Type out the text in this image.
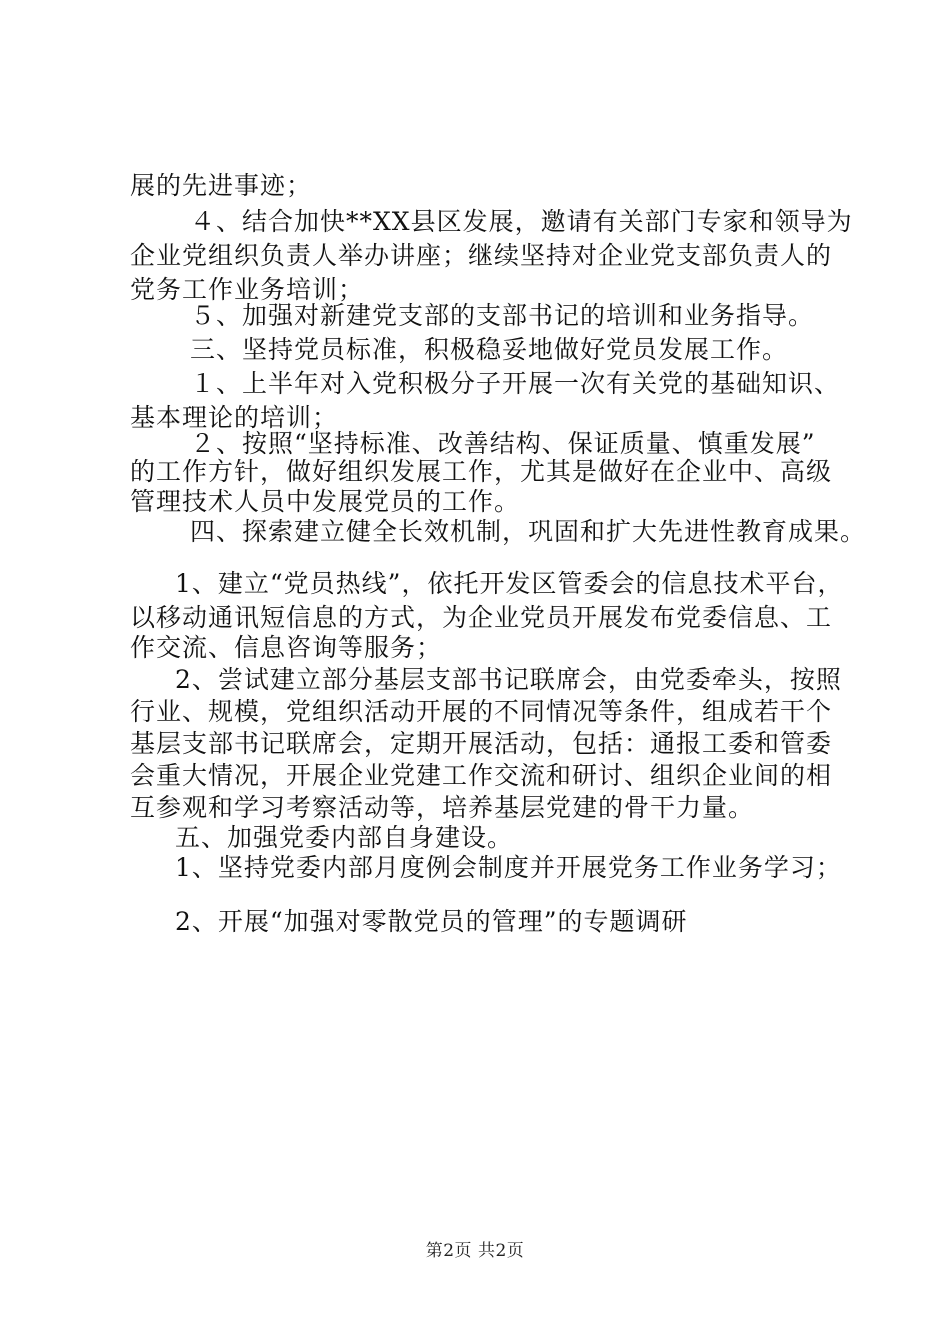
展的先进事迹；
４、结合加快**XX县区发展，邀请有关部门专家和领导为
企业党组织负责人举办讲座；继续坚持对企业党支部负责人的
党务工作业务培训；
５、加强对新建党支部的支部书记的培训和业务指导。
三、坚持党员标准，积极稳妥地做好党员发展工作。
１、上半年对入党积极分子开展一次有关党的基础知识、
基本理论的培训；
２、按照“坚持标准、改善结构、保证质量、慎重发展”
的工作方针，做好组织发展工作，尤其是做好在企业中、高级
管理技术人员中发展党员的工作。
四、探索建立健全长效机制，巩固和扩大先进性教育成果。
1、建立“党员热线”，依托开发区管委会的信息技术平台，
以移动通讯短信息的方式，为企业党员开展发布党委信息、工
作交流、信息咨询等服务；
2、尝试建立部分基层支部书记联席会，由党委牵头，按照
行业、规模，党组织活动开展的不同情况等条件，组成若干个
基层支部书记联席会，定期开展活动，包括：通报工委和管委
会重大情况，开展企业党建工作交流和研讨、组织企业间的相
互参观和学习考察活动等，培养基层党建的骨干力量。
五、加强党委内部自身建设。
1、坚持党委内部月度例会制度并开展党务工作业务学习；
2、开展“加强对零散党员的管理”的专题调研
第2页 共2页
